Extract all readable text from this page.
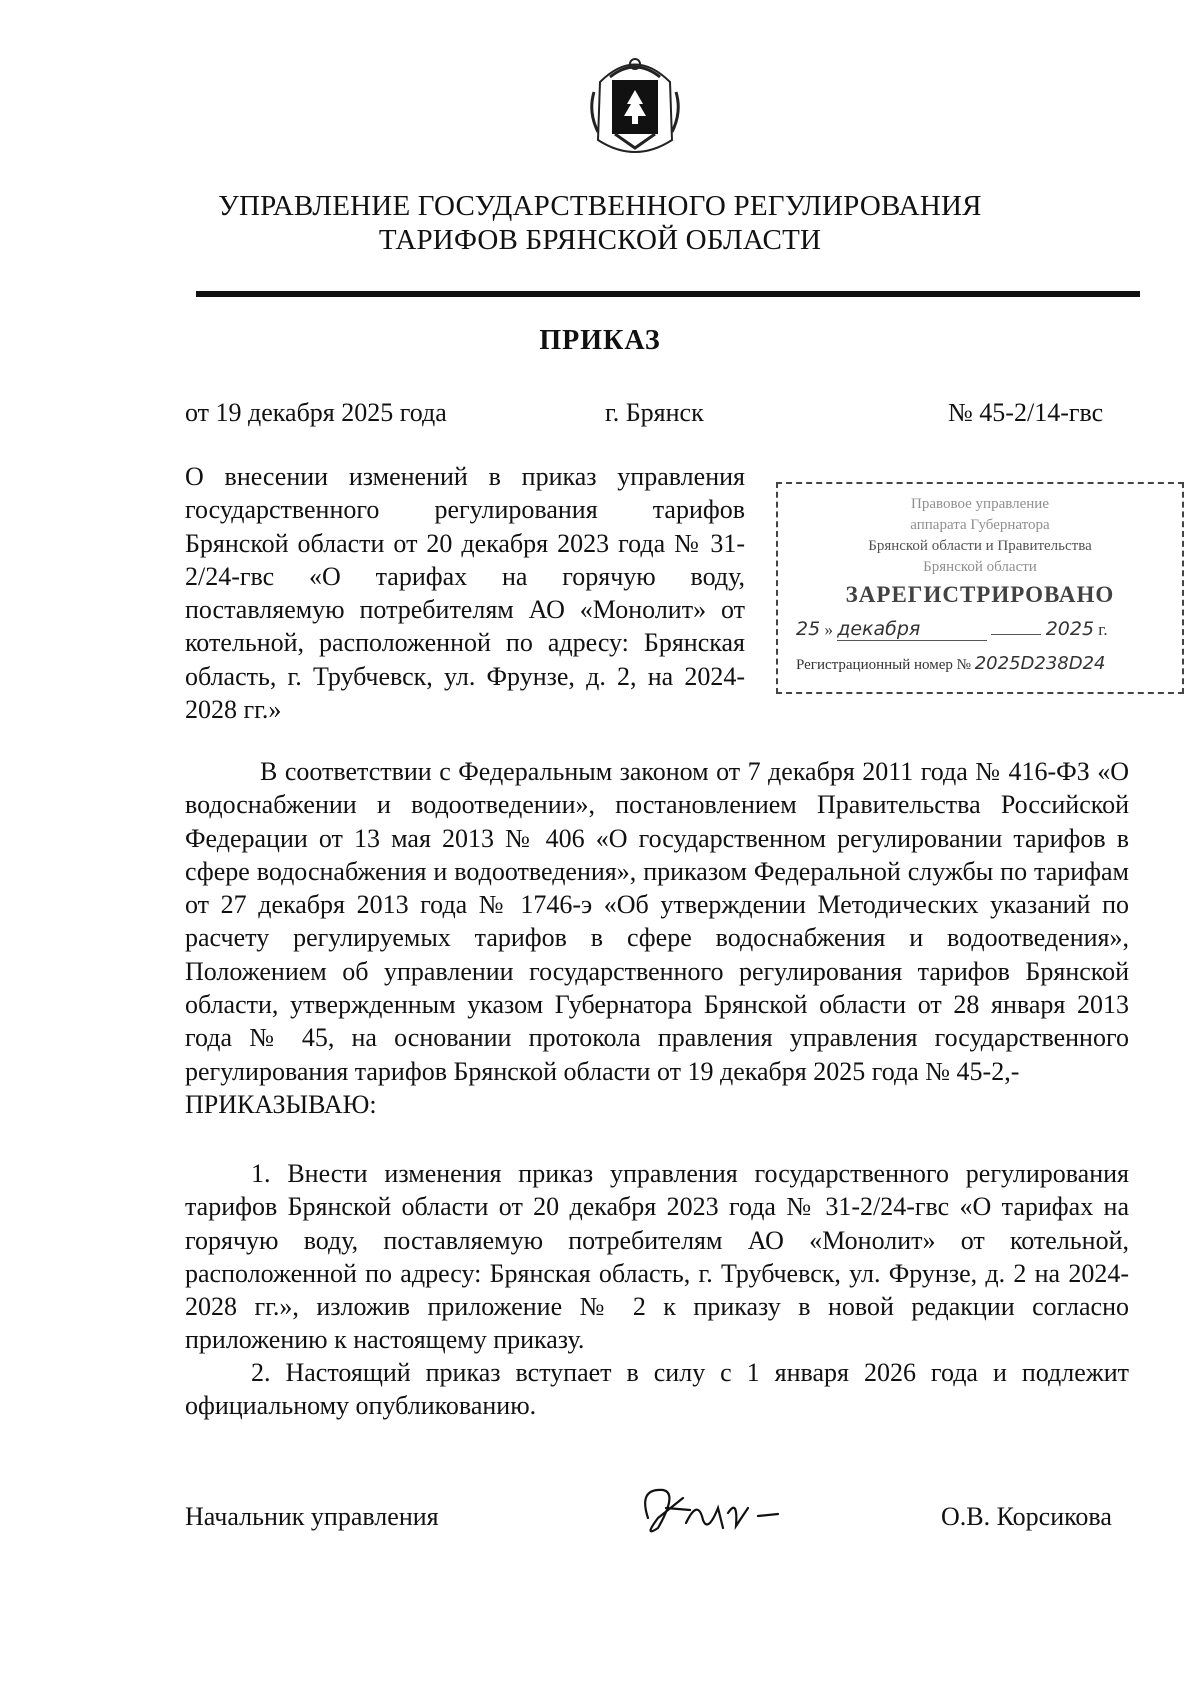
УПРАВЛЕНИЕ ГОСУДАРСТВЕННОГО РЕГУЛИРОВАНИЯ
ТАРИФОВ БРЯНСКОЙ ОБЛАСТИ
ПРИКАЗ
от 19 декабря 2025 года	г. Брянск	№ 45-2/14-гвс

О внесении изменений в приказ управления государственного регулирования тарифов Брянской области от 20 декабря 2023 года № 31-2/24-гвс «О тарифах на горячую воду, поставляемую потребителям АО «Монолит» от котельной, расположенной по адресу: Брянская область, г. Трубчевск, ул. Фрунзе, д. 2, на 2024-2028 гг.»

Правовое управление
аппарата Губернатора
Брянской области и Правительства
Брянской области
ЗАРЕГИСТРИРОВАНО
25 » декабря	2025 г.
Регистрационный номер № 2025D238D24

В соответствии с Федеральным законом от 7 декабря 2011 года № 416-ФЗ «О водоснабжении и водоотведении», постановлением Правительства Российской Федерации от 13 мая 2013 № 406 «О государственном регулировании тарифов в сфере водоснабжения и водоотведения», приказом Федеральной службы по тарифам от 27 декабря 2013 года № 1746-э «Об утверждении Методических указаний по расчету регулируемых тарифов в сфере водоснабжения и водоотведения», Положением об управлении государственного регулирования тарифов Брянской области, утвержденным указом Губернатора Брянской области от 28 января 2013 года № 45, на основании протокола правления управления государственного регулирования тарифов Брянской области от 19 декабря 2025 года № 45-2,-

ПРИКАЗЫВАЮ:

1. Внести изменения приказ управления государственного регулирования тарифов Брянской области от 20 декабря 2023 года № 31-2/24-гвс «О тарифах на горячую воду, поставляемую потребителям АО «Монолит» от котельной, расположенной по адресу: Брянская область, г. Трубчевск, ул. Фрунзе, д. 2 на 2024-2028 гг.», изложив приложение № 2 к приказу в новой редакции согласно приложению к настоящему приказу.

2. Настоящий приказ вступает в силу с 1 января 2026 года и подлежит официальному опубликованию.

Начальник управления	О.В. Корсикова
